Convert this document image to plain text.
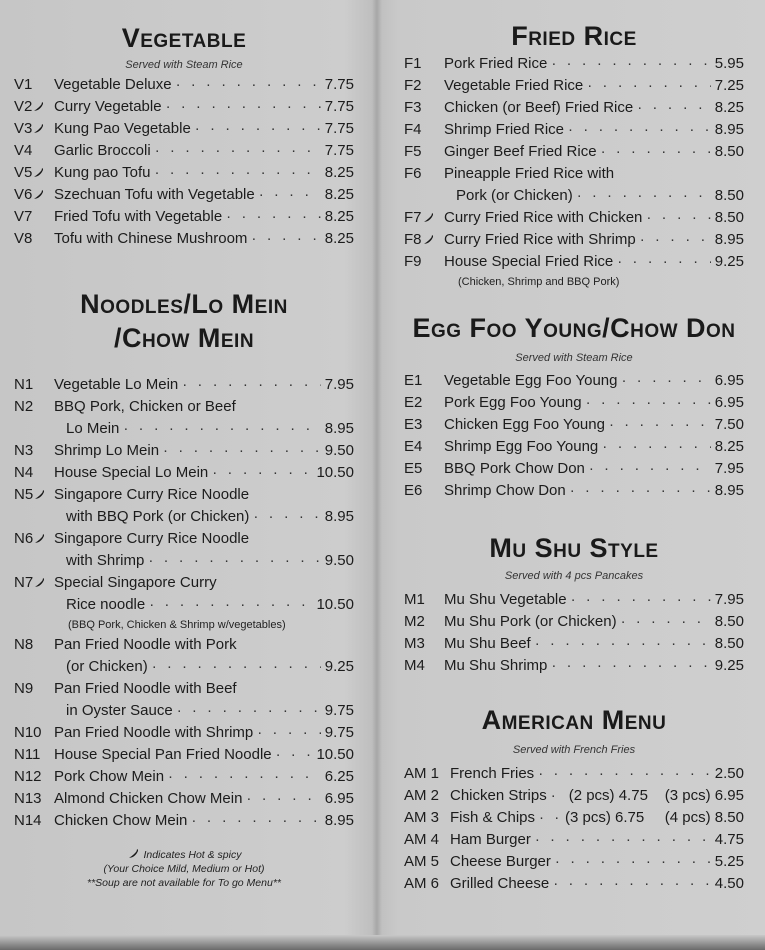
Vegetable
Served with Steam Rice
V1	Vegetable Deluxe · · ·	7.75
V2	Curry Vegetable · · ·	7.75
V3	Kung Pao Vegetable · · ·	7.75
V4	Garlic Broccoli · · ·	7.75
V5	Kung pao Tofu · · ·	8.25
V6	Szechuan Tofu with Vegetable · · ·	8.25
V7	Fried Tofu with Vegetable · · ·	8.25
V8	Tofu with Chinese Mushroom · · ·	8.25
Noodles/Lo Mein
/Chow Mein
N1	Vegetable Lo Mein · · ·	7.95
N2	BBQ Pork, Chicken or Beef
Lo Mein · · ·	8.95
N3	Shrimp Lo Mein · · ·	9.50
N4	House Special Lo Mein · · ·	10.50
N5	Singapore Curry Rice Noodle
with BBQ Pork (or Chicken) · · ·	8.95
N6	Singapore Curry Rice Noodle
with Shrimp · · ·	9.50
N7	Special Singapore Curry
Rice noodle · · ·	10.50
(BBQ Pork, Chicken & Shrimp w/vegetables)
N8	Pan Fried Noodle with Pork
(or Chicken) · · ·	9.25
N9	Pan Fried Noodle with Beef
in Oyster Sauce · · ·	9.75
N10 Pan Fried Noodle with Shrimp · · ·	9.75
N11 House Special Pan Fried Noodle · · ·	10.50
N12 Pork Chow Mein · · ·	6.25
N13 Almond Chicken Chow Mein · · ·	6.95
N14 Chicken Chow Mein · · ·	8.95
Indicates Hot & spicy
(Your Choice Mild, Medium or Hot)
**Soup are not available for To go Menu**
Fried Rice
F1	Pork Fried Rice · · ·	5.95
F2	Vegetable Fried Rice · · ·	7.25
F3	Chicken (or Beef) Fried Rice · · ·	8.25
F4	Shrimp Fried Rice · · ·	8.95
F5	Ginger Beef Fried Rice · · ·	8.50
F6	Pineapple Fried Rice with
Pork (or Chicken) · · ·	8.50
F7	Curry Fried Rice with Chicken · · ·	8.50
F8	Curry Fried Rice with Shrimp · · ·	8.95
F9	House Special Fried Rice · · ·	9.25
(Chicken, Shrimp and BBQ Pork)
Egg Foo Young/Chow Don
Served with Steam Rice
E1	Vegetable Egg Foo Young · · ·	6.95
E2	Pork Egg Foo Young · · ·	6.95
E3	Chicken Egg Foo Young · · ·	7.50
E4	Shrimp Egg Foo Young · · ·	8.25
E5	BBQ Pork Chow Don · · ·	7.95
E6	Shrimp Chow Don · · ·	8.95
Mu Shu Style
Served with 4 pcs Pancakes
M1	Mu Shu Vegetable · · ·	7.95
M2	Mu Shu Pork (or Chicken) · · ·	8.50
M3	Mu Shu Beef · · ·	8.50
M4	Mu Shu Shrimp · · ·	9.25
American Menu
Served with French Fries
AM 1 French Fries · · ·	2.50
AM 2 Chicken Strips · · · (2 pcs) 4.75 (3 pcs) 6.95
AM 3 Fish & Chips · · · (3 pcs) 6.75 (4 pcs) 8.50
AM 4 Ham Burger · · ·	4.75
AM 5 Cheese Burger · · ·	5.25
AM 6 Grilled Cheese · · ·	4.50
